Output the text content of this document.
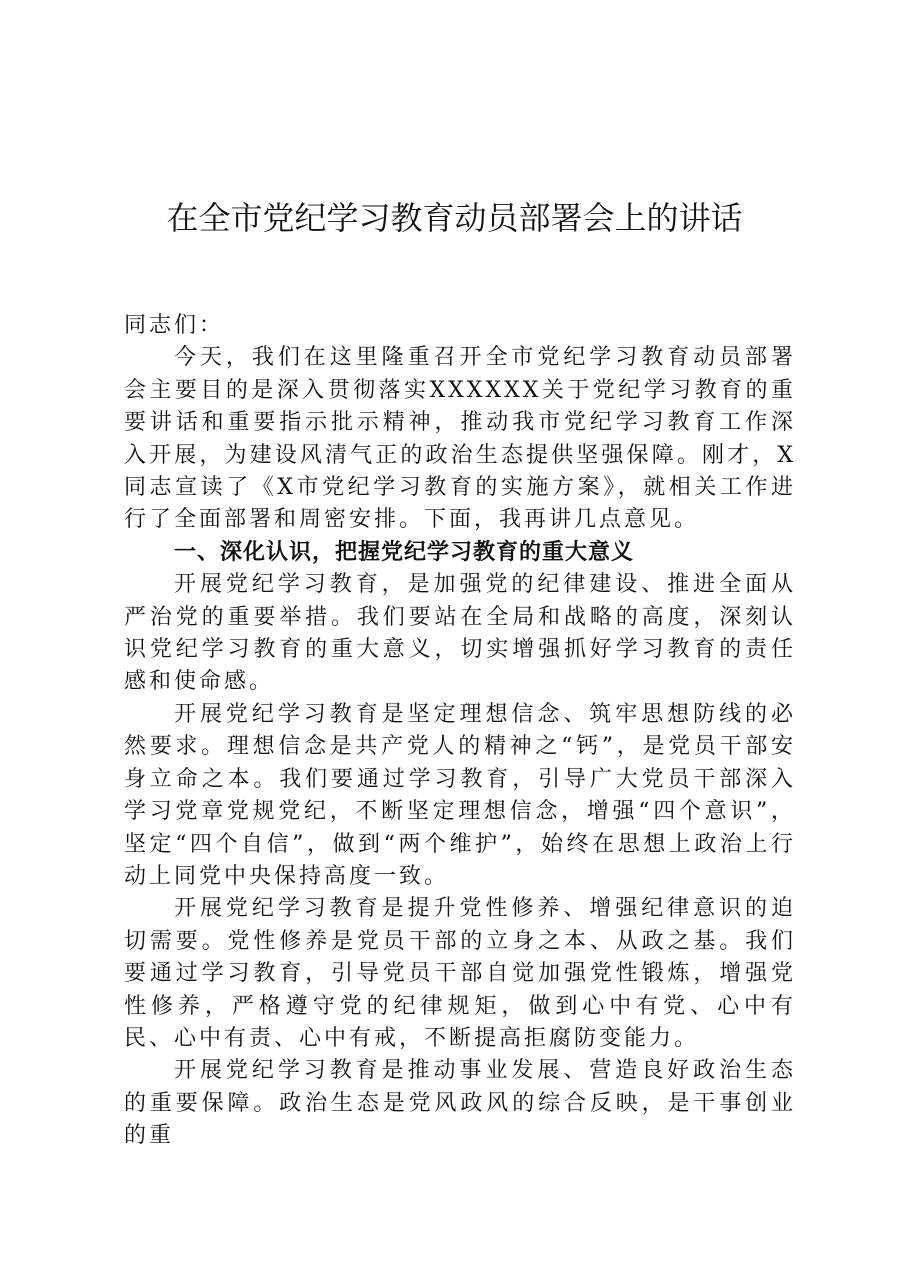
在全市党纪学习教育动员部署会上的讲话

同志们：

今天，我们在这里隆重召开全市党纪学习教育动员部署会主要目的是深入贯彻落实XXXXXX关于党纪学习教育的重要讲话和重要指示批示精神，推动我市党纪学习教育工作深入开展，为建设风清气正的政治生态提供坚强保障。刚才，X同志宣读了《X市党纪学习教育的实施方案》，就相关工作进行了全面部署和周密安排。下面，我再讲几点意见。

一、深化认识，把握党纪学习教育的重大意义

开展党纪学习教育，是加强党的纪律建设、推进全面从严治党的重要举措。我们要站在全局和战略的高度，深刻认识党纪学习教育的重大意义，切实增强抓好学习教育的责任感和使命感。

开展党纪学习教育是坚定理想信念、筑牢思想防线的必然要求。理想信念是共产党人的精神之“钙”，是党员干部安身立命之本。我们要通过学习教育，引导广大党员干部深入学习党章党规党纪，不断坚定理想信念，增强“四个意识”，坚定“四个自信”，做到“两个维护”，始终在思想上政治上行动上同党中央保持高度一致。

开展党纪学习教育是提升党性修养、增强纪律意识的迫切需要。党性修养是党员干部的立身之本、从政之基。我们要通过学习教育，引导党员干部自觉加强党性锻炼，增强党性修养，严格遵守党的纪律规矩，做到心中有党、心中有民、心中有责、心中有戒，不断提高拒腐防变能力。

开展党纪学习教育是推动事业发展、营造良好政治生态的重要保障。政治生态是党风政风的综合反映，是干事创业的重
